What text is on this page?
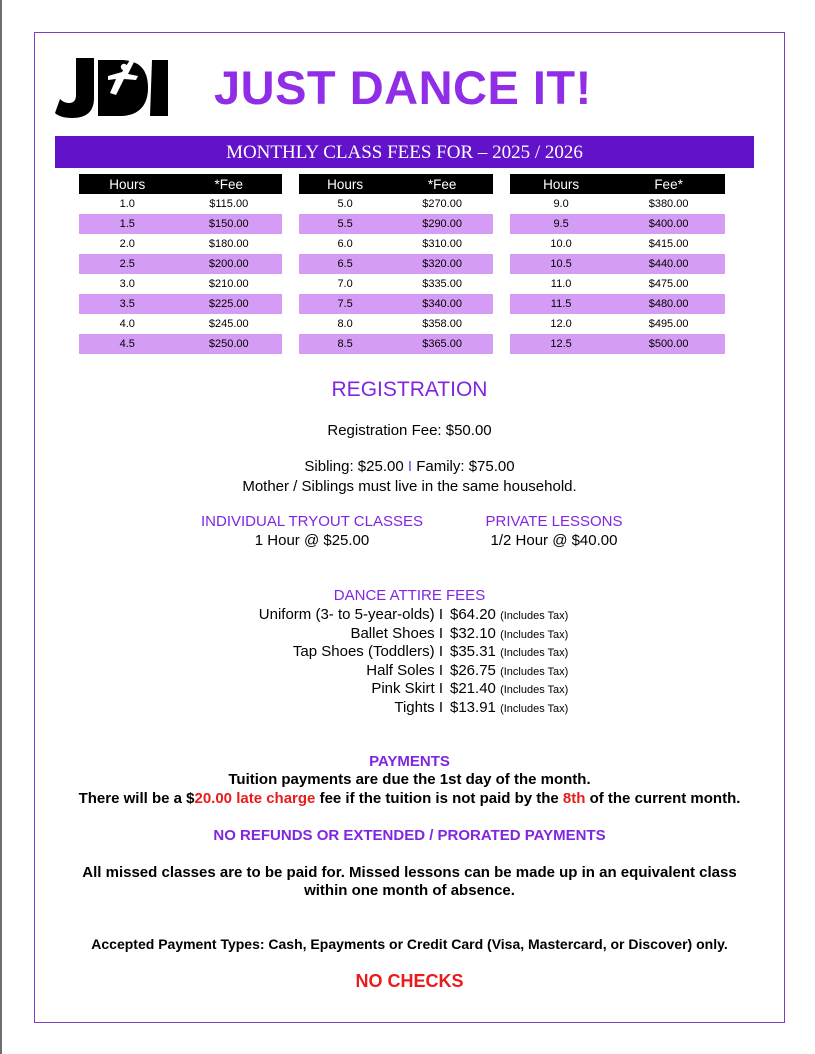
JUST DANCE IT!
MONTHLY CLASS FEES FOR – 2025 / 2026
Hours	*Fee
1.0	$115.00
1.5	$150.00
2.0	$180.00
2.5	$200.00
3.0	$210.00
3.5	$225.00
4.0	$245.00
4.5	$250.00
Hours	*Fee
5.0	$270.00
5.5	$290.00
6.0	$310.00
6.5	$320.00
7.0	$335.00
7.5	$340.00
8.0	$358.00
8.5	$365.00
Hours	Fee*
9.0	$380.00
9.5	$400.00
10.0	$415.00
10.5	$440.00
11.0	$475.00
11.5	$480.00
12.0	$495.00
12.5	$500.00
REGISTRATION
Registration Fee: $50.00
Sibling: $25.00 I Family: $75.00
Mother / Siblings must live in the same household.
INDIVIDUAL TRYOUT CLASSES
1 Hour @ $25.00
PRIVATE LESSONS
1/2 Hour @ $40.00
DANCE ATTIRE FEES
Uniform (3- to 5-year-olds) I $64.20 (Includes Tax)
Ballet Shoes I $32.10 (Includes Tax)
Tap Shoes (Toddlers) I $35.31 (Includes Tax)
Half Soles I $26.75 (Includes Tax)
Pink Skirt I $21.40 (Includes Tax)
Tights I $13.91 (Includes Tax)
PAYMENTS
Tuition payments are due the 1st day of the month.
There will be a $20.00 late charge fee if the tuition is not paid by the 8th of the current month.
NO REFUNDS OR EXTENDED / PRORATED PAYMENTS
All missed classes are to be paid for. Missed lessons can be made up in an equivalent class
within one month of absence.
Accepted Payment Types: Cash, Epayments or Credit Card (Visa, Mastercard, or Discover) only.
NO CHECKS
